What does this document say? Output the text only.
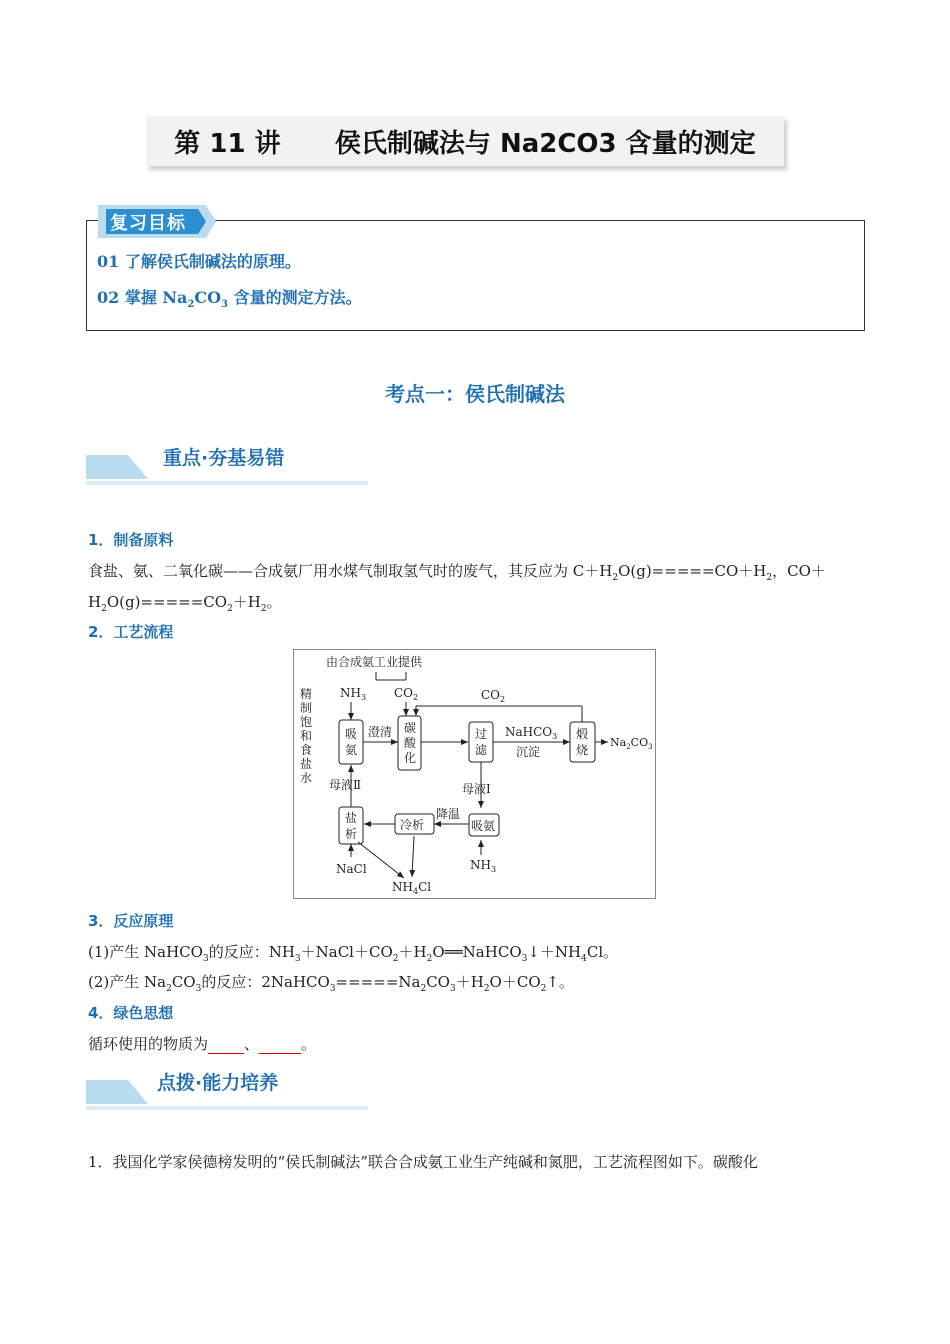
第 11 讲
侯氏制碱法与 Na2CO3 含量的测定
复习目标
01 了解侯氏制碱法的原理。
02 掌握 $Na_2CO_3$ 含量的测定方法。
考点一：侯氏制碱法
重点·夯基易错
1．制备原料
食盐、氨、二氧化碳——合成氨厂用水煤气制取氢气时的废气，其反应为 $C+H_2O(g)=====CO+H_2$，CO＋
$H_2O(g)=====CO_2+H_2$。
2．工艺流程
由合成氨工业提供
$NH_3$ $CO_2$	$CO_2$
精
制
饱
和
食
盐
水
吸
氨
澄清 碳
酸
化
过
滤
NaHCO$_3$
沉淀
煅
烧
$Na_2CO_3$
母液Ⅱ	母液Ⅰ
盐
析
冷析
降温
吸氨
NaCl	$NH_3$
$NH_4Cl$
3．反应原理
(1)产生 NaHCO$_3$的反应：$NH_3+NaCl+CO_2+H_2O══NaHCO_3↓+NH_4Cl$。
(2)产生 $Na_2CO_3$的反应：$2NaHCO_3=====Na_2CO_3+H_2O+CO_2↑$。
4．绿色思想
循环使用的物质为 、	。
点拨·能力培养
1．我国化学家侯德榜发明的“侯氏制碱法”联合合成氨工业生产纯碱和氮肥，工艺流程图如下。碳酸化
